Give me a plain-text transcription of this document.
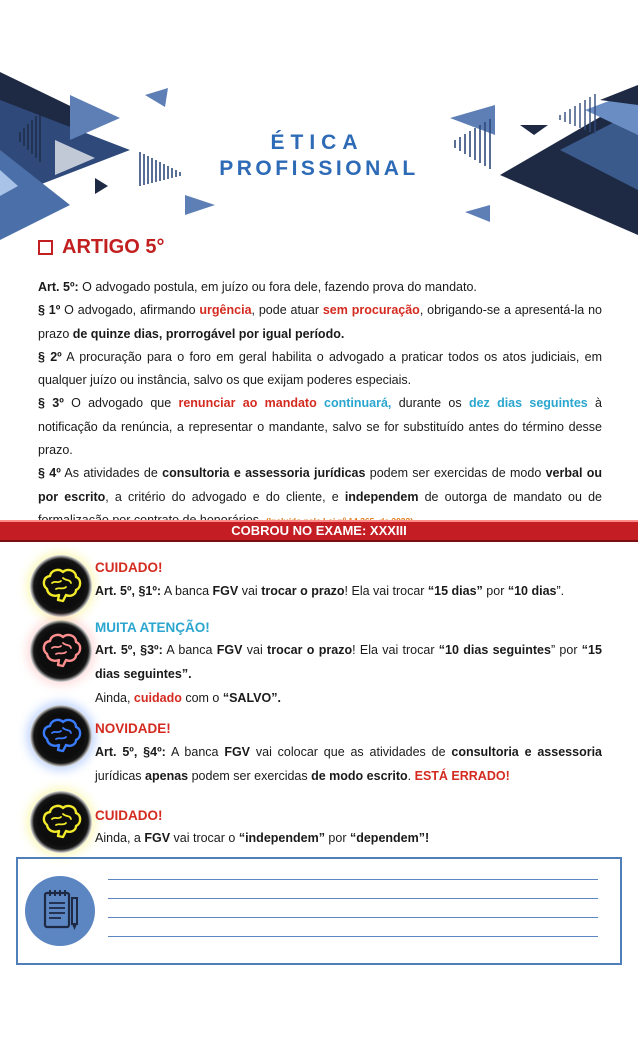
ÉTICA
PROFISSIONAL
ARTIGO 5°

Art. 5º: O advogado postula, em juízo ou fora dele, fazendo prova do mandato.

§ 1º O advogado, afirmando urgência, pode atuar sem procuração, obrigando-se a apresentá-la no prazo de quinze dias, prorrogável por igual período.

§ 2º A procuração para o foro em geral habilita o advogado a praticar todos os atos judiciais, em qualquer juízo ou instância, salvo os que exijam poderes especiais.

§ 3º O advogado que renunciar ao mandato continuará, durante os dez dias seguintes à notificação da renúncia, a representar o mandante, salvo se for substituído antes do término desse prazo.

§ 4º As atividades de consultoria e assessoria jurídicas podem ser exercidas de modo verbal ou por escrito, a critério do advogado e do cliente, e independem de outorga de mandato ou de

COBROU NO EXAME: XXXIII
CUIDADO!
Art. 5º, §1º: A banca FGV vai trocar o prazo! Ela vai trocar “15 dias” por “10 dias”.
MUITA ATENÇÃO!
Art. 5º, §3º: A banca FGV vai trocar o prazo! Ela vai trocar “10 dias seguintes” por “15 dias seguintes”.
Ainda, cuidado com o “SALVO”.
NOVIDADE!
Art. 5º, §4º: A banca FGV vai colocar que as atividades de consultoria e assessoria jurídicas apenas podem ser exercidas de modo escrito. ESTÁ ERRADO!
CUIDADO!
Ainda, a FGV vai trocar o “independem” por “dependem”!
